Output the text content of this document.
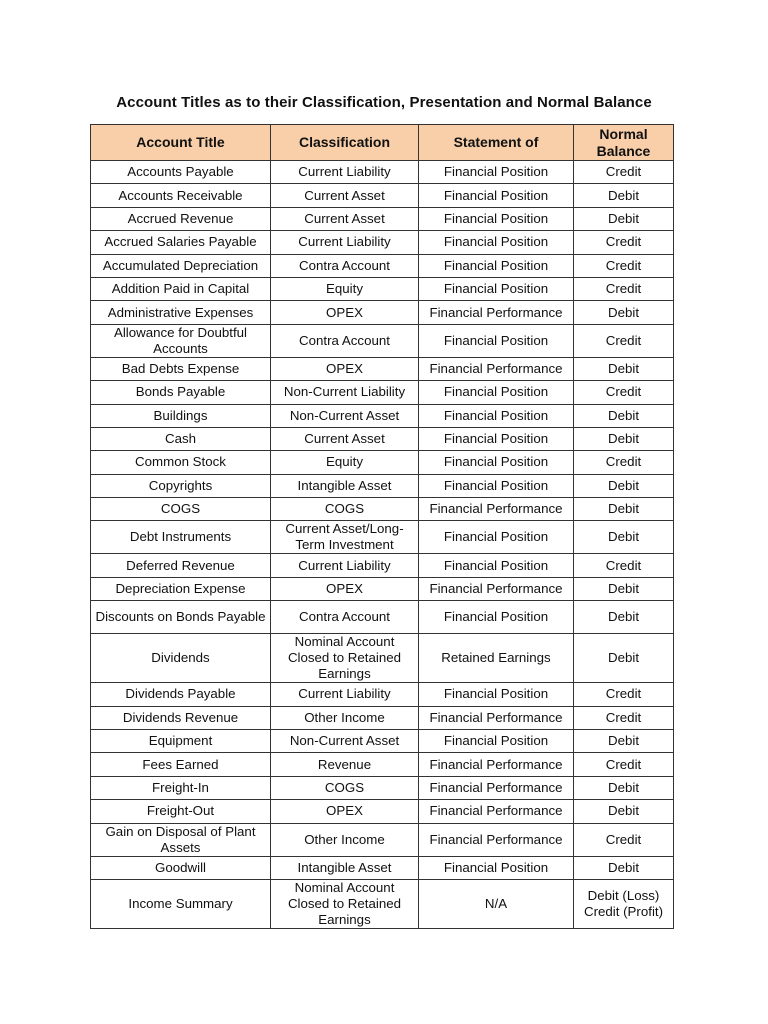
Account Titles as to their Classification, Presentation and Normal Balance
Account Title	Classification	Statement of	Normal Balance
Accounts Payable	Current Liability	Financial Position	Credit
Accounts Receivable	Current Asset	Financial Position	Debit
Accrued Revenue	Current Asset	Financial Position	Debit
Accrued Salaries Payable	Current Liability	Financial Position	Credit
Accumulated Depreciation	Contra Account	Financial Position	Credit
Addition Paid in Capital	Equity	Financial Position	Credit
Administrative Expenses	OPEX	Financial Performance	Debit
Allowance for Doubtful Accounts	Contra Account	Financial Position	Credit
Bad Debts Expense	OPEX	Financial Performance	Debit
Bonds Payable	Non-Current Liability	Financial Position	Credit
Buildings	Non-Current Asset	Financial Position	Debit
Cash	Current Asset	Financial Position	Debit
Common Stock	Equity	Financial Position	Credit
Copyrights	Intangible Asset	Financial Position	Debit
COGS	COGS	Financial Performance	Debit
Debt Instruments	Current Asset/Long-Term Investment	Financial Position	Debit
Deferred Revenue	Current Liability	Financial Position	Credit
Depreciation Expense	OPEX	Financial Performance	Debit
Discounts on Bonds Payable	Contra Account	Financial Position	Debit
Dividends	Nominal Account Closed to Retained Earnings	Retained Earnings	Debit
Dividends Payable	Current Liability	Financial Position	Credit
Dividends Revenue	Other Income	Financial Performance	Credit
Equipment	Non-Current Asset	Financial Position	Debit
Fees Earned	Revenue	Financial Performance	Credit
Freight-In	COGS	Financial Performance	Debit
Freight-Out	OPEX	Financial Performance	Debit
Gain on Disposal of Plant Assets	Other Income	Financial Performance	Credit
Goodwill	Intangible Asset	Financial Position	Debit
Income Summary	Nominal Account Closed to Retained Earnings	N/A	Debit (Loss) Credit (Profit)
